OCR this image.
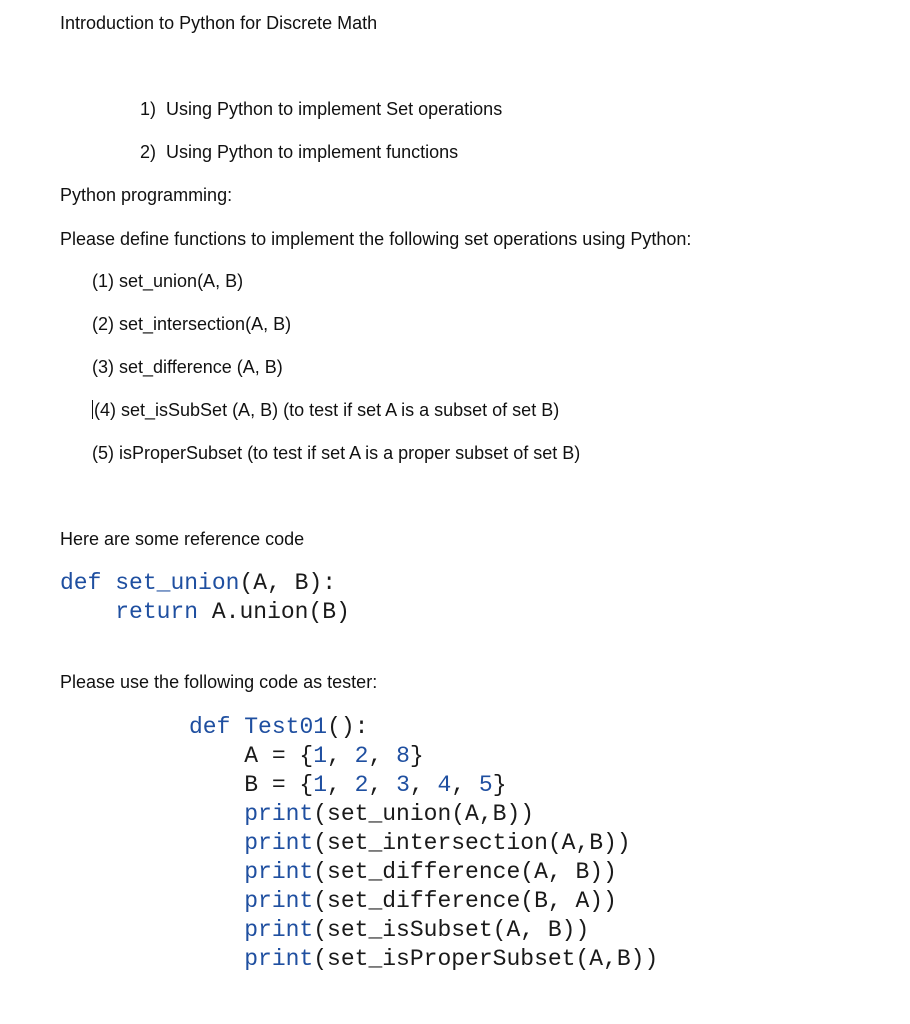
Introduction to Python for Discrete Math
1)  Using Python to implement Set operations
2)  Using Python to implement functions
Python programming:
Please define functions to implement the following set operations using Python:
(1) set_union(A, B)
(2) set_intersection(A, B)
(3) set_difference (A, B)
(4) set_isSubSet (A, B) (to test if set A is a subset of set B)
(5) isProperSubset (to test if set A is a proper subset of set B)
Here are some reference code
def set_union(A, B):
return A.union(B)
Please use the following code as tester:
def Test01():
A = {1, 2, 8}
B = {1, 2, 3, 4, 5}
print(set_union(A,B))
print(set_intersection(A,B))
print(set_difference(A, B))
print(set_difference(B, A))
print(set_isSubset(A, B))
print(set_isProperSubset(A,B))
